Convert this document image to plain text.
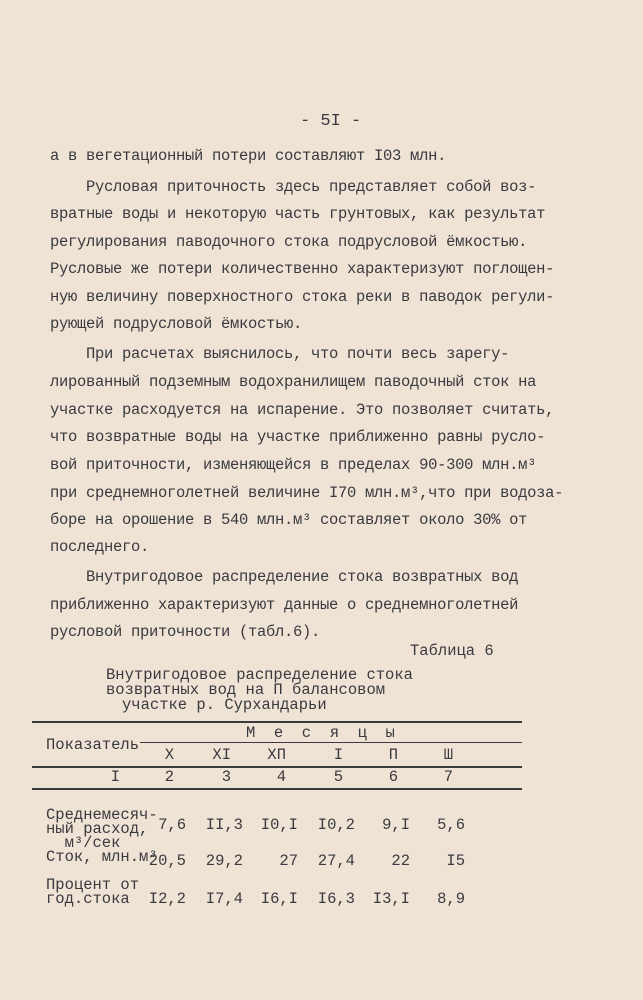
- 5I -
а в вегетационный потери составляют I03 млн.
Русловая приточность здесь представляет собой воз-
вратные воды и некоторую часть грунтовых, как результат
регулирования паводочного стока подрусловой ёмкостью.
Русловые же потери количественно характеризуют поглощен-
ную величину поверхностного стока реки в паводок регули-
рующей подрусловой ёмкостью.
При расчетах выяснилось, что почти весь зарегу-
лированный подземным водохранилищем паводочный сток на
участке расходуется на испарение. Это позволяет считать,
что возвратные воды на участке приближенно равны русло-
вой приточности, изменяющейся в пределах 90-300 млн.м³
при среднемноголетней величине I70 млн.м³,что при водоза-
боре на орошение в 540 млн.м³ составляет около 30% от
последнего.
Внутригодовое распределение стока возвратных вод
приближенно характеризуют данные о среднемноголетней
русловой приточности (табл.6).
Таблица 6
Внутригодовое распределение стока
возвратных вод на П балансовом
участке р. Сурхандарьи
Показатель
М  е  с  я  ц  ы
X	XI	XП	I	П	Ш
I	2	3	4	5	6	7
Среднемесяч-
ный расход,
м³/сек
7,6	II,3	I0,I	I0,2	9,I	5,6
Сток, млн.м³
20,5	29,2	27	27,4	22	I5
Процент от
год.стока	I2,2	I7,4	I6,I	I6,3	I3,I	8,9
